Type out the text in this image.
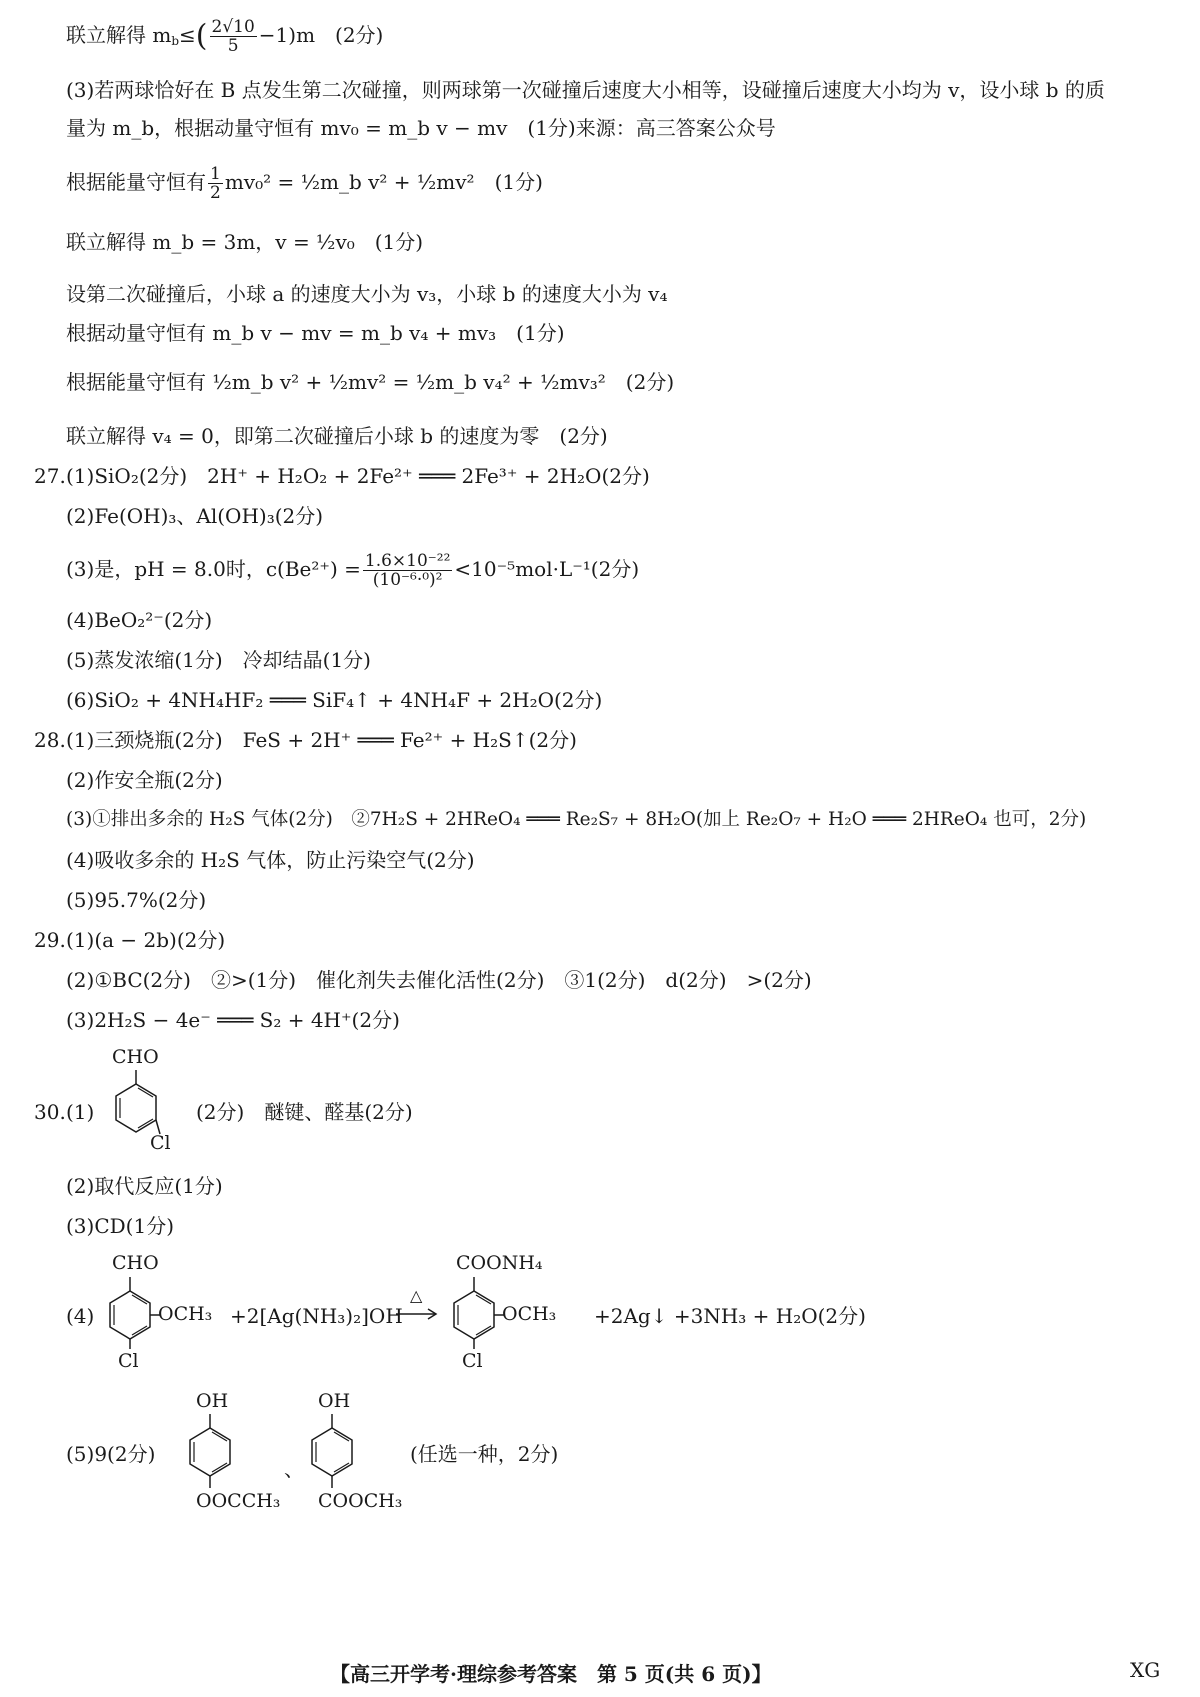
联立解得 $m_b\le( \frac{2√10}{5} -1)m$　(2分)
(3)若两球恰好在 B 点发生第二次碰撞，则两球第一次碰撞后速度大小相等，设碰撞后速度大小均为 v，设小球 b 的质
量为 m_b，根据动量守恒有 mv₀ = m_b v − mv　(1分)来源：高三答案公众号
根据能量守恒有 $\frac{1}{2} mv_0^2$ = ½m_b v² + ½mv²　(1分)
联立解得 m_b = 3m，v = ½v₀　(1分)
设第二次碰撞后，小球 a 的速度大小为 v₃，小球 b 的速度大小为 v₄
根据动量守恒有 m_b v − mv = m_b v₄ + mv₃　(1分)
根据能量守恒有 ½m_b v² + ½mv² = ½m_b v₄² + ½mv₃²　(2分)
联立解得 v₄ = 0，即第二次碰撞后小球 b 的速度为零　(2分)
27. (1)SiO₂(2分)　2H⁺ + H₂O₂ + 2Fe²⁺ ═══ 2Fe³⁺ + 2H₂O(2分)
(2)Fe(OH)₃、Al(OH)₃(2分)
(3)是，pH = 8.0时，$c(Be^{2+}) = \frac{\text{1.6×10⁻²²}}{\text{(10⁻⁶·⁰)²}} <10^{-5}mol\cdot L^{-1}(2$分)
(4)BeO₂²⁻(2分)
(5)蒸发浓缩(1分)　冷却结晶(1分)
(6)SiO₂ + 4NH₄HF₂ ═══ SiF₄↑ + 4NH₄F + 2H₂O(2分)
28. (1)三颈烧瓶(2分)　FeS + 2H⁺ ═══ Fe²⁺ + H₂S↑(2分)
(2)作安全瓶(2分)
(3)①排出多余的 H₂S 气体(2分)　②7H₂S + 2HReO₄ ═══ Re₂S₇ + 8H₂O(加上 Re₂O₇ + H₂O ═══ 2HReO₄ 也可，2分)
(4)吸收多余的 H₂S 气体，防止污染空气(2分)
(5)95.7%(2分)
29. (1)(a − 2b)(2分)
(2)①BC(2分)　②>(1分)　催化剂失去催化活性(2分)　③1(2分)　d(2分)　>(2分)
(3)2H₂S − 4e⁻ ═══ S₂ + 4H⁺(2分)
30. (1)
CHO
Cl
(2分)　醚键、醛基(2分)
(2)取代反应(1分)
(3)CD(1分)
(4)
CHO
OCH₃
Cl
+2[Ag(NH₃)₂]OH
△
COONH₄
OCH₃
Cl
+2Ag↓ +3NH₃ + H₂O(2分)
(5)9(2分)
OH
OOCCH₃
、
OH
COOCH₃
(任选一种，2分)
【高三开学考·理综参考答案　第 5 页(共 6 页)】	XG
